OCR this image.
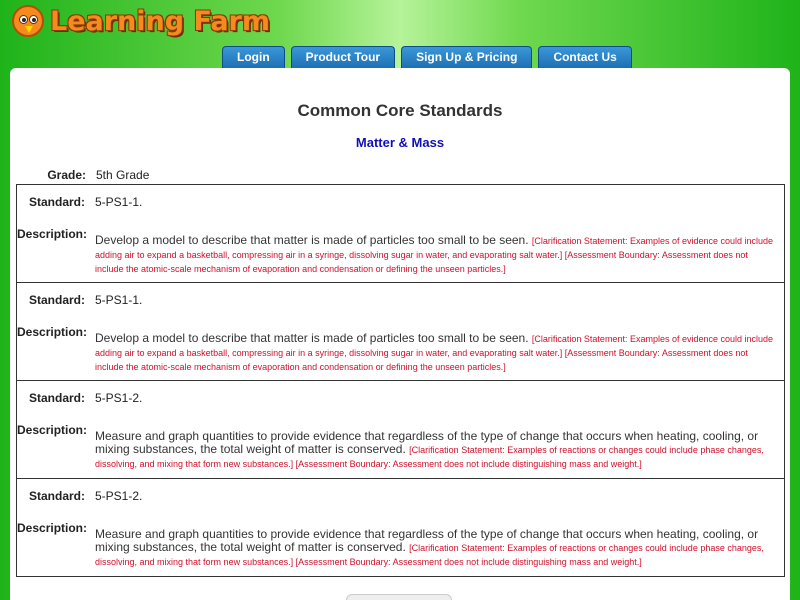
Learning Farm
Login	Product Tour	Sign Up & Pricing	Contact Us
Common Core Standards
Matter & Mass
Grade: 5th Grade
Standard: 5-PS1-1.
Description: Develop a model to describe that matter is made of particles too small to be seen. [Clarification Statement: Examples of evidence could include adding air to expand a basketball, compressing air in a syringe, dissolving sugar in water, and evaporating salt water.] [Assessment Boundary: Assessment does not include the atomic-scale mechanism of evaporation and condensation or defining the unseen particles.]
Standard: 5-PS1-1.
Description: Develop a model to describe that matter is made of particles too small to be seen. [Clarification Statement: Examples of evidence could include adding air to expand a basketball, compressing air in a syringe, dissolving sugar in water, and evaporating salt water.] [Assessment Boundary: Assessment does not include the atomic-scale mechanism of evaporation and condensation or defining the unseen particles.]
Standard: 5-PS1-2.
Description: Measure and graph quantities to provide evidence that regardless of the type of change that occurs when heating, cooling, or mixing substances, the total weight of matter is conserved. [Clarification Statement: Examples of reactions or changes could include phase changes, dissolving, and mixing that form new substances.] [Assessment Boundary: Assessment does not include distinguishing mass and weight.]
Standard: 5-PS1-2.
Description: Measure and graph quantities to provide evidence that regardless of the type of change that occurs when heating, cooling, or mixing substances, the total weight of matter is conserved. [Clarification Statement: Examples of reactions or changes could include phase changes, dissolving, and mixing that form new substances.] [Assessment Boundary: Assessment does not include distinguishing mass and weight.]
